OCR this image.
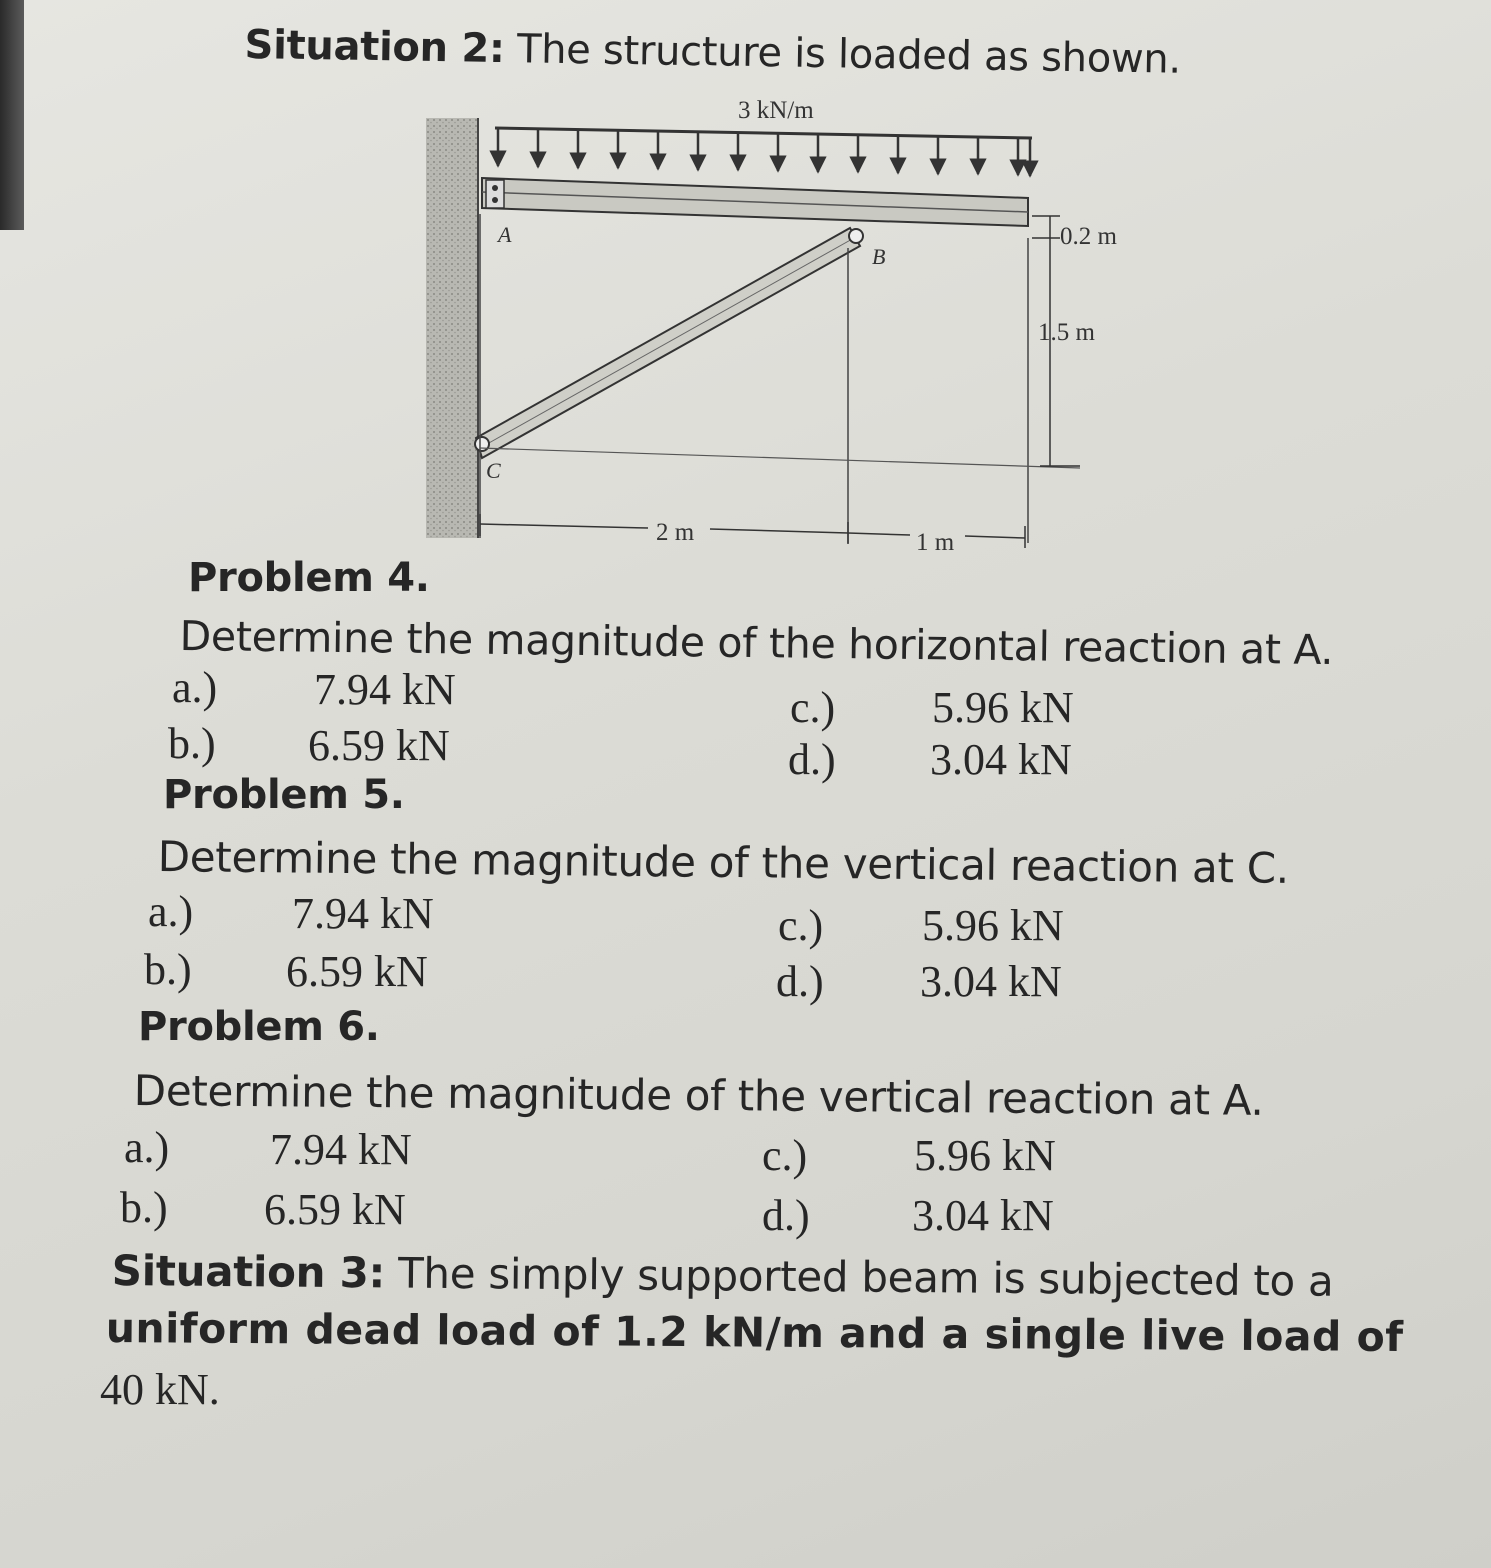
Situation 2: The structure is loaded as shown.
3 kN/m
A
B
C
0.2 m
1.5 m
2 m	1 m
Problem 4.
Determine the magnitude of the horizontal reaction at A.
a.) 7.94 kN
b.) 6.59 kN
c.) 5.96 kN
d.) 3.04 kN
Problem 5.
Determine the magnitude of the vertical reaction at C.
a.) 7.94 kN
b.) 6.59 kN
c.) 5.96 kN
d.) 3.04 kN
Problem 6.
Determine the magnitude of the vertical reaction at A.
a.) 7.94 kN
b.) 6.59 kN
c.) 5.96 kN
d.) 3.04 kN
Situation 3: The simply supported beam is subjected to a
uniform dead load of 1.2 kN/m and a single live load of
40 kN.
